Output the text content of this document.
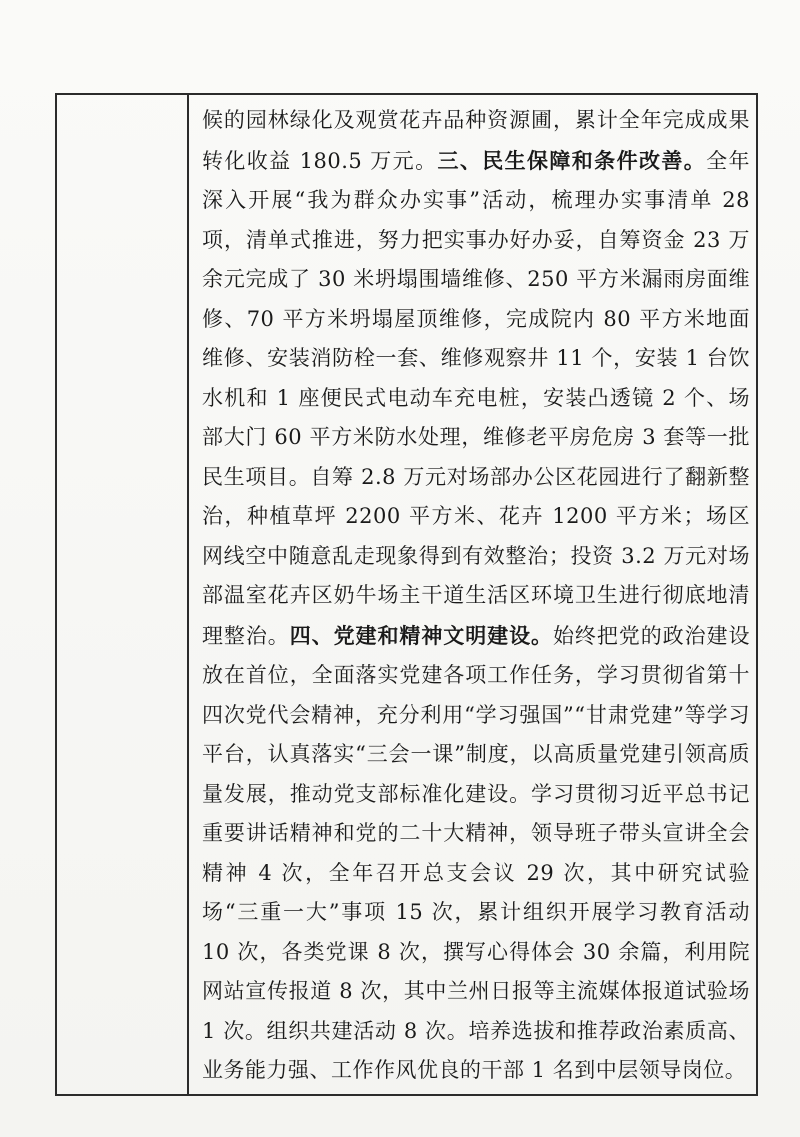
候的园林绿化及观赏花卉品种资源圃，累计全年完成成果转化收益 180.5 万元。三、民生保障和条件改善。全年深入开展“我为群众办实事”活动，梳理办实事清单 28 项，清单式推进，努力把实事办好办妥，自筹资金 23 万余元完成了 30 米坍塌围墙维修、250 平方米漏雨房面维修、70 平方米坍塌屋顶维修，完成院内 80 平方米地面维修、安装消防栓一套、维修观察井 11 个，安装 1 台饮水机和 1 座便民式电动车充电桩，安装凸透镜 2 个、场部大门 60 平方米防水处理，维修老平房危房 3 套等一批民生项目。自筹 2.8 万元对场部办公区花园进行了翻新整治，种植草坪 2200 平方米、花卉 1200 平方米；场区网线空中随意乱走现象得到有效整治；投资 3.2 万元对场部温室花卉区奶牛场主干道生活区环境卫生进行彻底地清理整治。四、党建和精神文明建设。始终把党的政治建设放在首位，全面落实党建各项工作任务，学习贯彻省第十四次党代会精神，充分利用“学习强国”“甘肃党建”等学习平台，认真落实“三会一课”制度，以高质量党建引领高质量发展，推动党支部标准化建设。学习贯彻习近平总书记重要讲话精神和党的二十大精神，领导班子带头宣讲全会精神 4 次，全年召开总支会议 29 次，其中研究试验场“三重一大”事项 15 次，累计组织开展学习教育活动 10 次，各类党课 8 次，撰写心得体会 30 余篇，利用院网站宣传报道 8 次，其中兰州日报等主流媒体报道试验场 1 次。组织共建活动 8 次。培养选拔和推荐政治素质高、业务能力强、工作作风优良的干部 1 名到中层领导岗位。
